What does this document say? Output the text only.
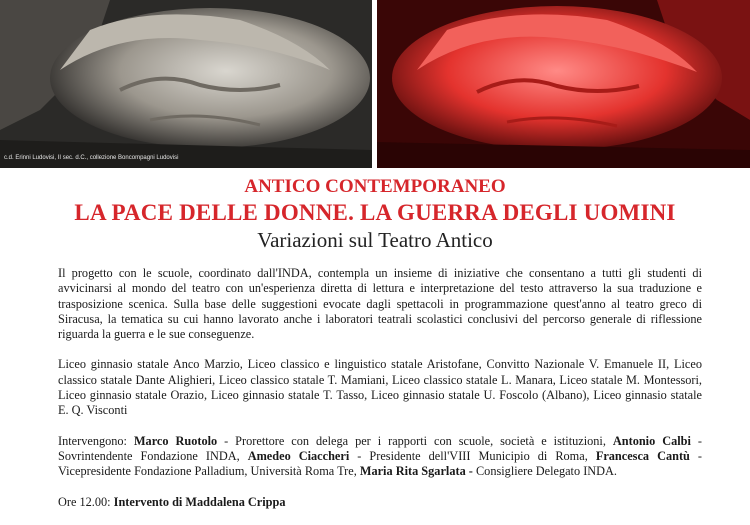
c.d. Erinni Ludovisi, II sec. d.C., collezione Boncompagni Ludovisi
ANTICO CONTEMPORANEO
LA PACE DELLE DONNE. LA GUERRA DEGLI UOMINI
Variazioni sul Teatro Antico

Il progetto con le scuole, coordinato dall'INDA, contempla un insieme di iniziative che consentano a tutti gli studenti di avvicinarsi al mondo del teatro con un'esperienza diretta di lettura e interpretazione del testo attraverso la sua traduzione e trasposizione scenica. Sulla base delle suggestioni evocate dagli spettacoli in programmazione quest'anno al teatro greco di Siracusa, la tematica su cui hanno lavorato anche i laboratori teatrali scolastici conclusivi del percorso generale di riflessione riguarda la guerra e le sue conseguenze.

Liceo ginnasio statale Anco Marzio, Liceo classico e linguistico statale Aristofane, Convitto Nazionale V. Emanuele II, Liceo classico statale Dante Alighieri, Liceo classico statale T. Mamiani, Liceo classico statale L. Manara, Liceo statale M. Montessori, Liceo ginnasio statale Orazio, Liceo ginnasio statale T. Tasso, Liceo ginnasio statale U. Foscolo (Albano), Liceo ginnasio statale E. Q. Visconti

Intervengono: Marco Ruotolo - Prorettore con delega per i rapporti con scuole, società e istituzioni, Antonio Calbi - Sovrintendente Fondazione INDA, Amedeo Ciaccheri - Presidente dell'VIII Municipio di Roma, Francesca Cantù - Vicepresidente Fondazione Palladium, Università Roma Tre, Maria Rita Sgarlata - Consigliere Delegato INDA.

Ore 12.00: Intervento di Maddalena Crippa
